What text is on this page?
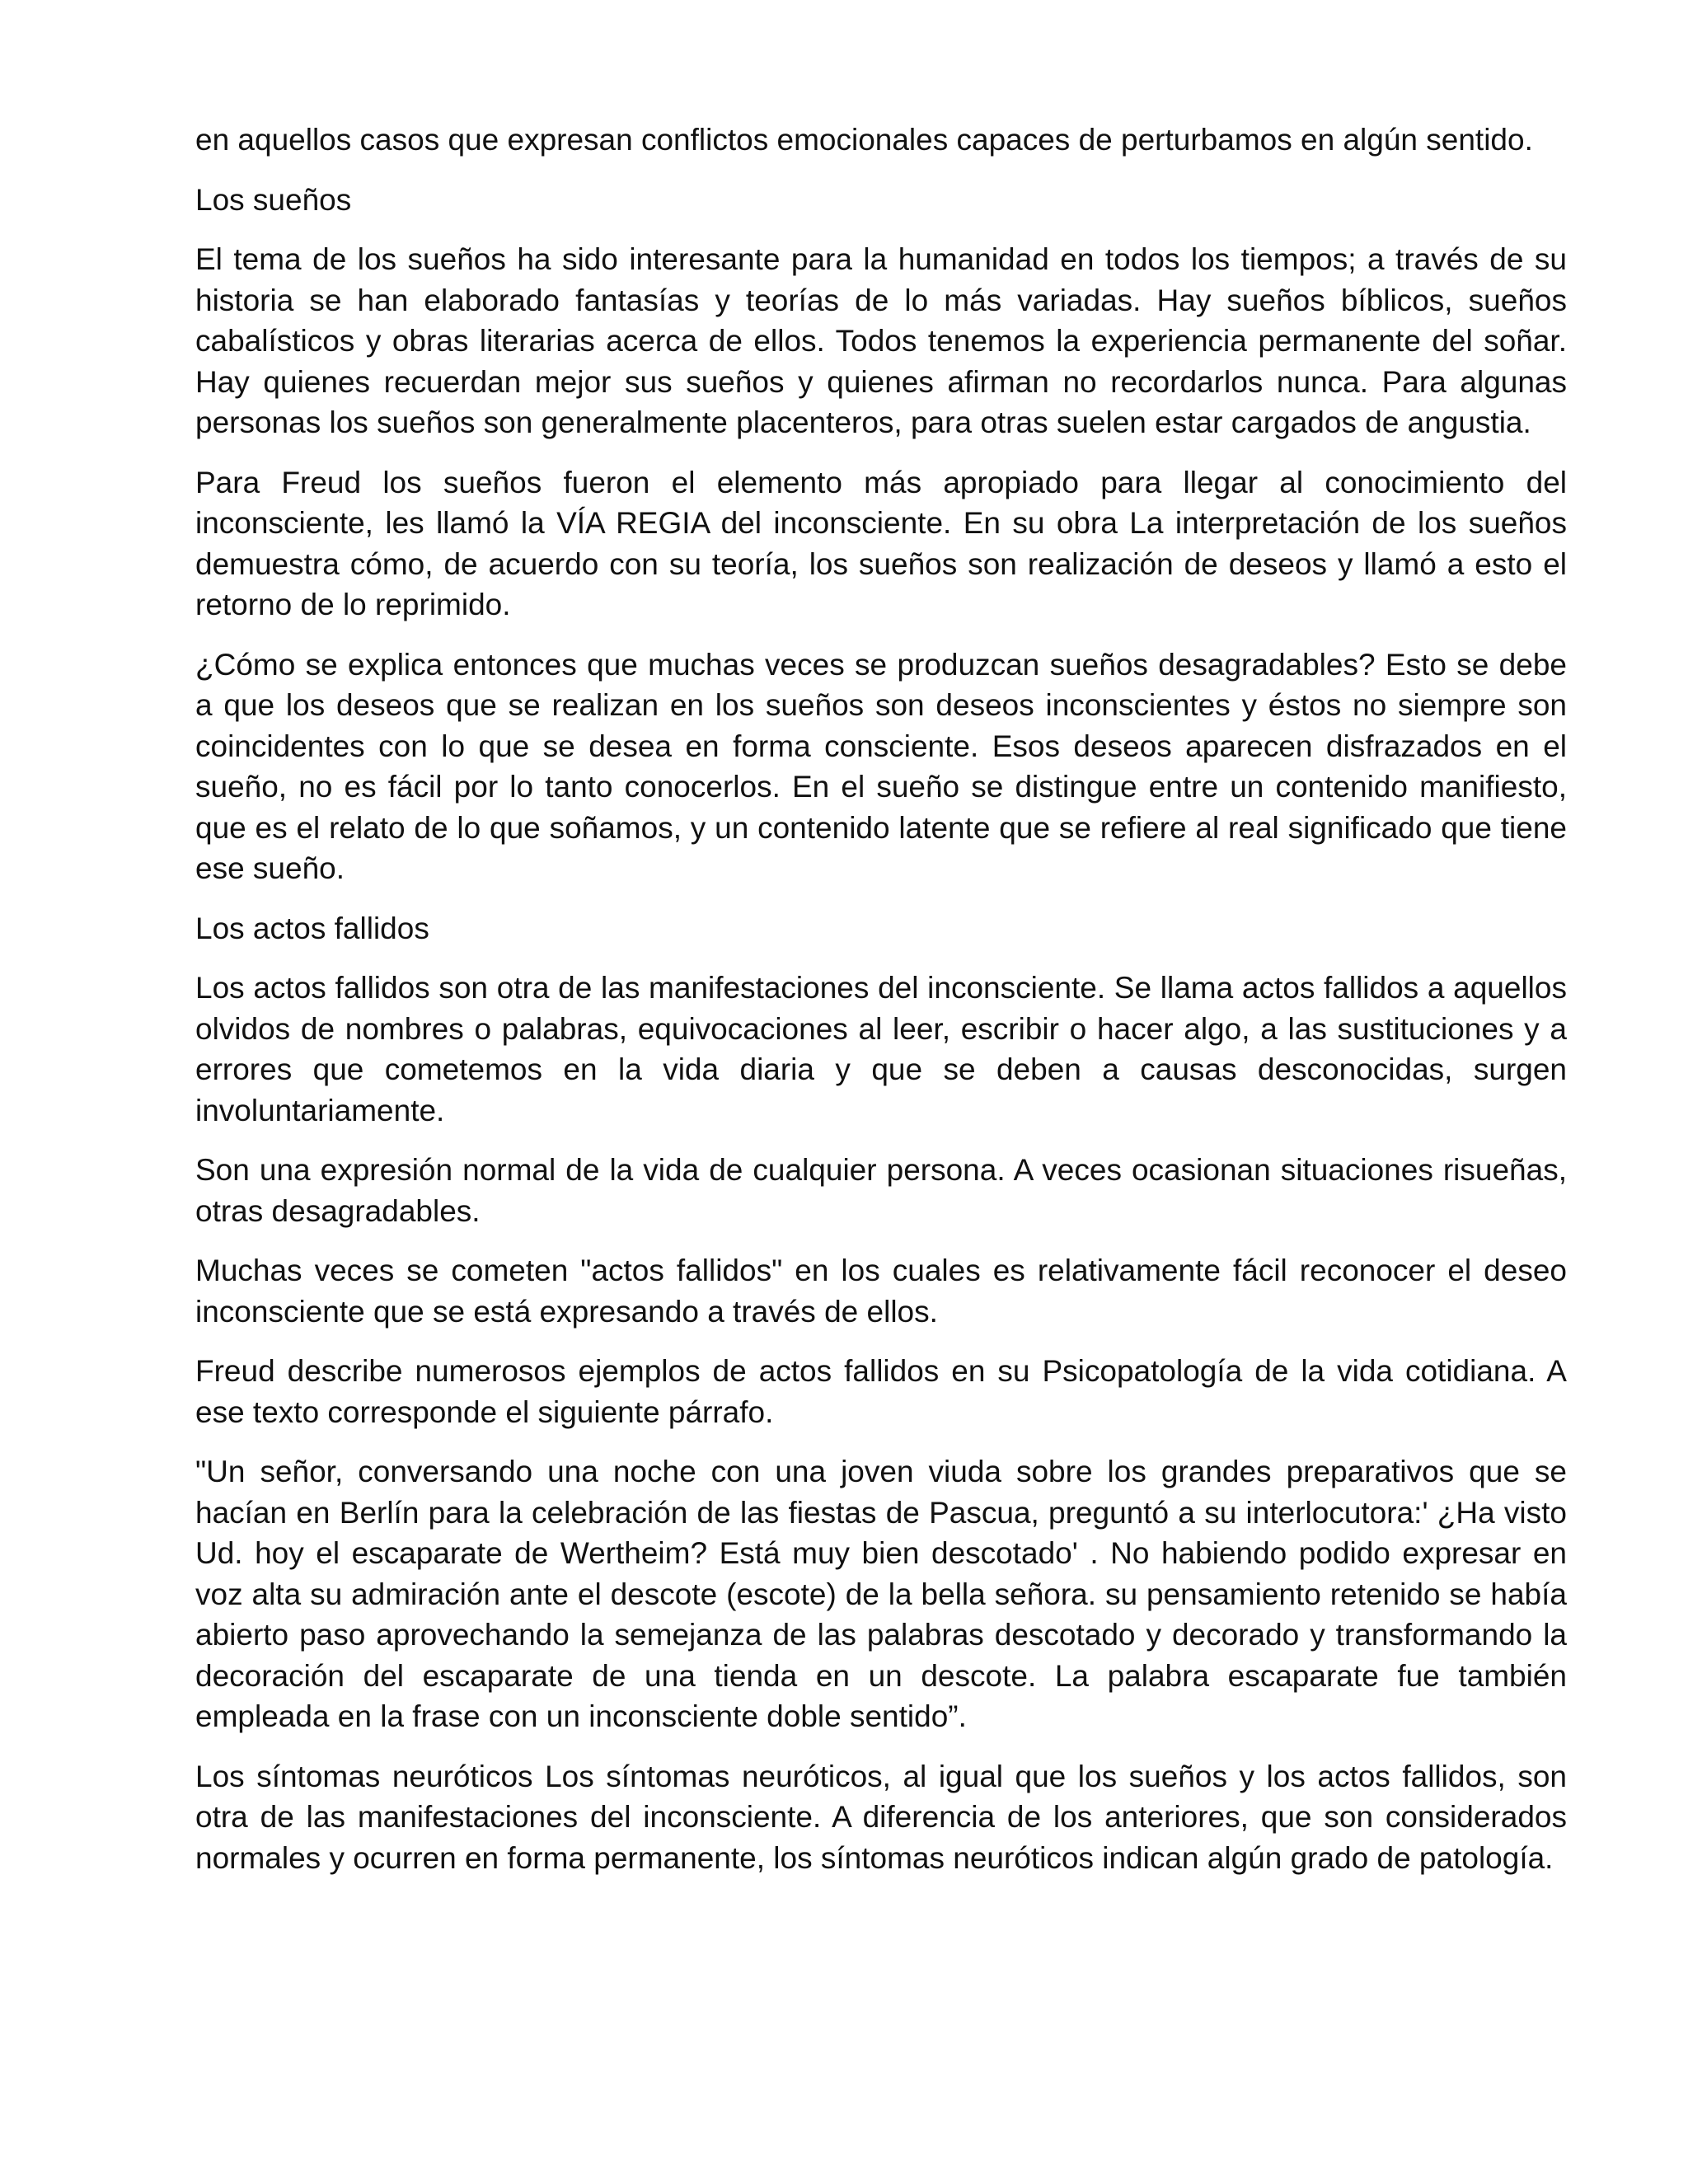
en aquellos casos que expresan conflictos emocionales capaces de perturbamos en algún sentido.

Los sueños

El tema de los sueños ha sido interesante para la humanidad en todos los tiempos; a través de su historia se han elaborado fantasías y teorías de lo más variadas. Hay sueños bíblicos, sueños cabalísticos y obras literarias acerca de ellos. Todos tenemos la experiencia permanente del soñar. Hay quienes recuerdan mejor sus sueños y quienes afirman no recordarlos nunca. Para algunas personas los sueños son generalmente placenteros, para otras suelen estar cargados de angustia.

Para Freud los sueños fueron el elemento más apropiado para llegar al conocimiento del inconsciente, les llamó la VÍA REGIA del inconsciente. En su obra La interpretación de los sueños demuestra cómo, de acuerdo con su teoría, los sueños son realización de deseos y llamó a esto el retorno de lo reprimido.

¿Cómo se explica entonces que muchas veces se produzcan sueños desagradables? Esto se debe a que los deseos que se realizan en los sueños son deseos inconscientes y éstos no siempre son coincidentes con lo que se desea en forma consciente. Esos deseos aparecen disfrazados en el sueño, no es fácil por lo tanto conocerlos. En el sueño se distingue entre un contenido manifiesto, que es el relato de lo que soñamos, y un contenido latente que se refiere al real significado que tiene ese sueño.

Los actos fallidos

Los actos fallidos son otra de las manifestaciones del inconsciente. Se llama actos fallidos a aquellos olvidos de nombres o palabras, equivocaciones al leer, escribir o hacer algo, a las sustituciones y a errores que cometemos en la vida diaria y que se deben a causas desconocidas, surgen involuntariamente.

Son una expresión normal de la vida de cualquier persona. A veces ocasionan situaciones risueñas, otras desagradables.

Muchas veces se cometen "actos fallidos" en los cuales es relativamente fácil reconocer el deseo inconsciente que se está expresando a través de ellos.

Freud describe numerosos ejemplos de actos fallidos en su Psicopatología de la vida cotidiana. A ese texto corresponde el siguiente párrafo.

"Un señor, conversando una noche con una joven viuda sobre los grandes preparativos que se hacían en Berlín para la celebración de las fiestas de Pascua, preguntó a su interlocutora:' ¿Ha visto Ud. hoy el escaparate de Wertheim? Está muy bien descotado' . No habiendo podido expresar en voz alta su admiración ante el descote (escote) de la bella señora. su pensamiento retenido se había abierto paso aprovechando la semejanza de las palabras descotado y decorado y transformando la decoración del escaparate de una tienda en un descote. La palabra escaparate fue también empleada en la frase con un inconsciente doble sentido”.

Los síntomas neuróticos Los síntomas neuróticos, al igual que los sueños y los actos fallidos, son otra de las manifestaciones del inconsciente. A diferencia de los anteriores, que son considerados normales y ocurren en forma permanente, los síntomas neuróticos indican algún grado de patología.
